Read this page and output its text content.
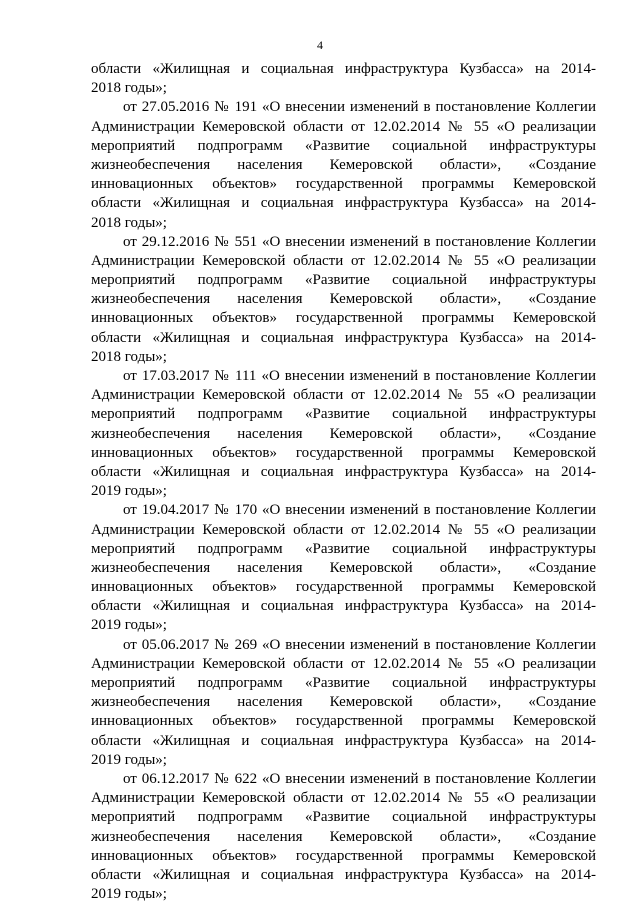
4
области «Жилищная и социальная инфраструктура Кузбасса» на 2014-
2018 годы»;
от 27.05.2016 № 191 «О внесении изменений в постановление Коллегии
Администрации Кемеровской области от 12.02.2014 № 55 «О реализации
мероприятий подпрограмм «Развитие социальной инфраструктуры
жизнеобеспечения населения Кемеровской области», «Создание
инновационных объектов» государственной программы Кемеровской
области «Жилищная и социальная инфраструктура Кузбасса» на 2014-
2018 годы»;
от 29.12.2016 № 551 «О внесении изменений в постановление Коллегии
Администрации Кемеровской области от 12.02.2014 № 55 «О реализации
мероприятий подпрограмм «Развитие социальной инфраструктуры
жизнеобеспечения населения Кемеровской области», «Создание
инновационных объектов» государственной программы Кемеровской
области «Жилищная и социальная инфраструктура Кузбасса» на 2014-
2018 годы»;
от 17.03.2017 № 111 «О внесении изменений в постановление Коллегии
Администрации Кемеровской области от 12.02.2014 № 55 «О реализации
мероприятий подпрограмм «Развитие социальной инфраструктуры
жизнеобеспечения населения Кемеровской области», «Создание
инновационных объектов» государственной программы Кемеровской
области «Жилищная и социальная инфраструктура Кузбасса» на 2014-
2019 годы»;
от 19.04.2017 № 170 «О внесении изменений в постановление Коллегии
Администрации Кемеровской области от 12.02.2014 № 55 «О реализации
мероприятий подпрограмм «Развитие социальной инфраструктуры
жизнеобеспечения населения Кемеровской области», «Создание
инновационных объектов» государственной программы Кемеровской
области «Жилищная и социальная инфраструктура Кузбасса» на 2014-
2019 годы»;
от 05.06.2017 № 269 «О внесении изменений в постановление Коллегии
Администрации Кемеровской области от 12.02.2014 № 55 «О реализации
мероприятий подпрограмм «Развитие социальной инфраструктуры
жизнеобеспечения населения Кемеровской области», «Создание
инновационных объектов» государственной программы Кемеровской
области «Жилищная и социальная инфраструктура Кузбасса» на 2014-
2019 годы»;
от 06.12.2017 № 622 «О внесении изменений в постановление Коллегии
Администрации Кемеровской области от 12.02.2014 № 55 «О реализации
мероприятий подпрограмм «Развитие социальной инфраструктуры
жизнеобеспечения населения Кемеровской области», «Создание
инновационных объектов» государственной программы Кемеровской
области «Жилищная и социальная инфраструктура Кузбасса» на 2014-
2019 годы»;
